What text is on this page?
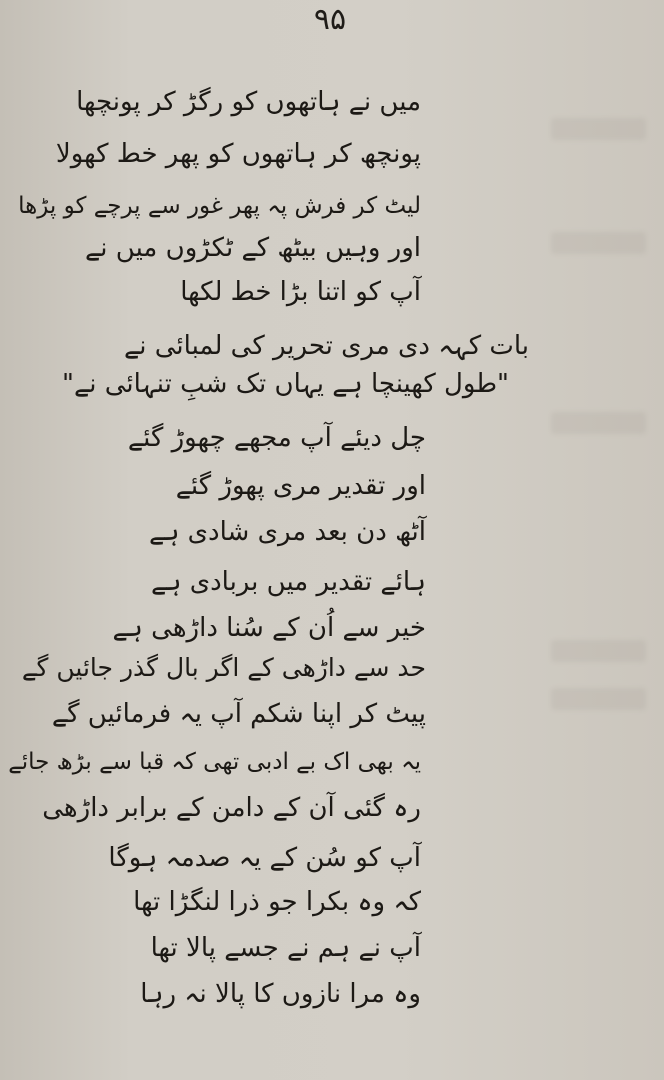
۹۵
میں نے ہاتھوں کو رگڑ کر پونچھا
پونچھ کر ہاتھوں کو پھر خط کھولا
لیٹ کر فرش پہ پھر غور سے پرچے کو پڑھا
اور وہیں بیٹھ کے ٹکڑوں میں نے
آپ کو اتنا بڑا خط لکھا
بات کہہ دی مری تحریر کی لمبائی نے
"طول کھینچا ہے یہاں تک شبِ تنہائی نے"
چل دیئے آپ مجھے چھوڑ گئے
اور تقدیر مری پھوڑ گئے
آٹھ دن بعد مری شادی ہے
ہائے تقدیر میں بربادی ہے
خیر سے اُن کے سُنا داڑھی ہے
حد سے داڑھی کے اگر بال گذر جائیں گے
پیٹ کر اپنا شکم آپ یہ فرمائیں گے
یہ بھی اک بے ادبی تھی کہ قبا سے بڑھ جائے
رہ گئی آن کے دامن کے برابر داڑھی
آپ کو سُن کے یہ صدمہ ہوگا
کہ وہ بکرا جو ذرا لنگڑا تھا
آپ نے ہم نے جسے پالا تھا
وہ مرا نازوں کا پالا نہ رہا
